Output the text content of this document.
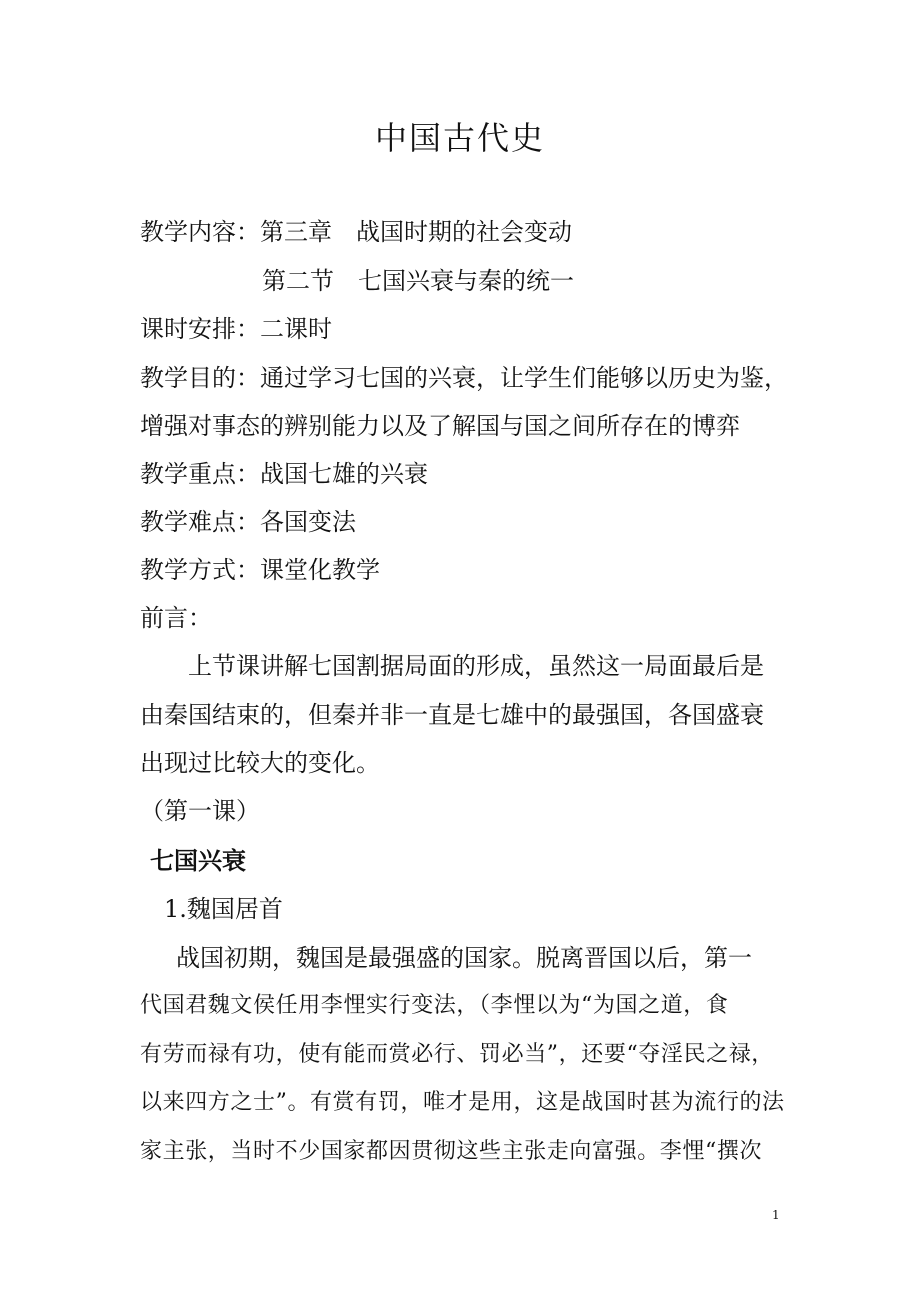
中国古代史
教学内容：第三章　战国时期的社会变动
第二节　七国兴衰与秦的统一
课时安排：二课时
教学目的：通过学习七国的兴衰，让学生们能够以历史为鉴，
增强对事态的辨别能力以及了解国与国之间所存在的博弈
教学重点：战国七雄的兴衰
教学难点：各国变法
教学方式：课堂化教学
前言：
上节课讲解七国割据局面的形成，虽然这一局面最后是
由秦国结束的，但秦并非一直是七雄中的最强国，各国盛衰
出现过比较大的变化。
（第一课）
七国兴衰
1.魏国居首
战国初期，魏国是最强盛的国家。脱离晋国以后，第一
代国君魏文侯任用李悝实行变法，（李悝以为“为国之道，食
有劳而禄有功，使有能而赏必行、罚必当”，还要“夺淫民之禄，
以来四方之士”。有赏有罚，唯才是用，这是战国时甚为流行的法
家主张，当时不少国家都因贯彻这些主张走向富强。李悝“撰次
1
